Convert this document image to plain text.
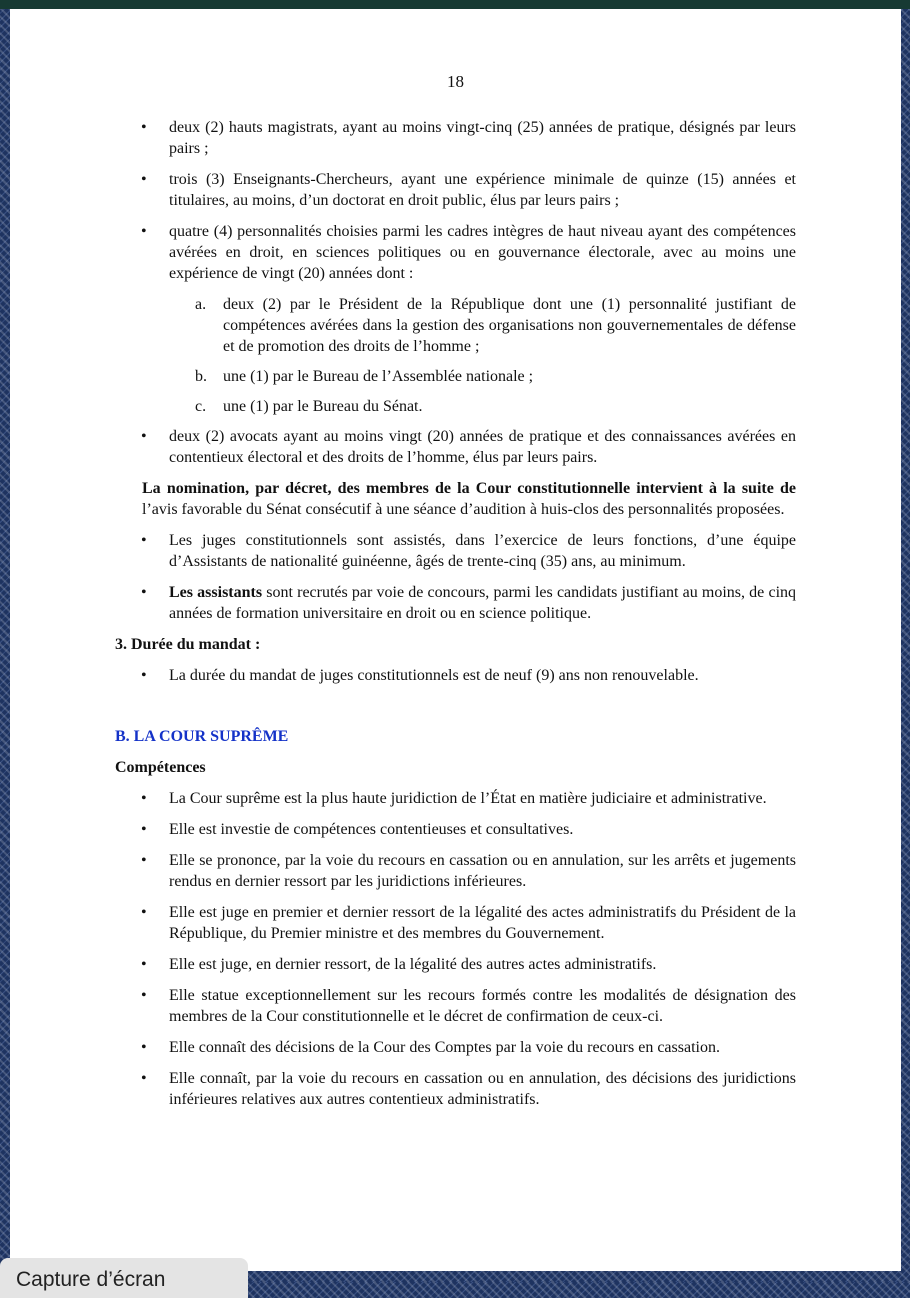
18
• deux (2) hauts magistrats, ayant au moins vingt-cinq (25) années de pratique, désignés par leurs pairs ;
• trois (3) Enseignants-Chercheurs, ayant une expérience minimale de quinze (15) années et titulaires, au moins, d’un doctorat en droit public, élus par leurs pairs ;
• quatre (4) personnalités choisies parmi les cadres intègres de haut niveau ayant des compétences avérées en droit, en sciences politiques ou en gouvernance électorale, avec au moins une expérience de vingt (20) années dont :
a. deux (2) par le Président de la République dont une (1) personnalité justifiant de compétences avérées dans la gestion des organisations non gouvernementales de défense et de promotion des droits de l’homme ;
b. une (1) par le Bureau de l’Assemblée nationale ;
c. une (1) par le Bureau du Sénat.
• deux (2) avocats ayant au moins vingt (20) années de pratique et des connaissances avérées en contentieux électoral et des droits de l’homme, élus par leurs pairs.
La nomination, par décret, des membres de la Cour constitutionnelle intervient à la suite de l’avis favorable du Sénat consécutif à une séance d’audition à huis-clos des personnalités proposées.
• Les juges constitutionnels sont assistés, dans l’exercice de leurs fonctions, d’une équipe d’Assistants de nationalité guinéenne, âgés de trente-cinq (35) ans, au minimum.
• Les assistants sont recrutés par voie de concours, parmi les candidats justifiant au moins, de cinq années de formation universitaire en droit ou en science politique.
3. Durée du mandat :
• La durée du mandat de juges constitutionnels est de neuf (9) ans non renouvelable.
B. LA COUR SUPRÊME
Compétences
• La Cour suprême est la plus haute juridiction de l’État en matière judiciaire et administrative.
• Elle est investie de compétences contentieuses et consultatives.
• Elle se prononce, par la voie du recours en cassation ou en annulation, sur les arrêts et jugements rendus en dernier ressort par les juridictions inférieures.
• Elle est juge en premier et dernier ressort de la légalité des actes administratifs du Président de la République, du Premier ministre et des membres du Gouvernement.
• Elle est juge, en dernier ressort, de la légalité des autres actes administratifs.
• Elle statue exceptionnellement sur les recours formés contre les modalités de désignation des membres de la Cour constitutionnelle et le décret de confirmation de ceux-ci.
• Elle connaît des décisions de la Cour des Comptes par la voie du recours en cassation.
• Elle connaît, par la voie du recours en cassation ou en annulation, des décisions des juridictions inférieures relatives aux autres contentieux administratifs.
Capture d’écran
